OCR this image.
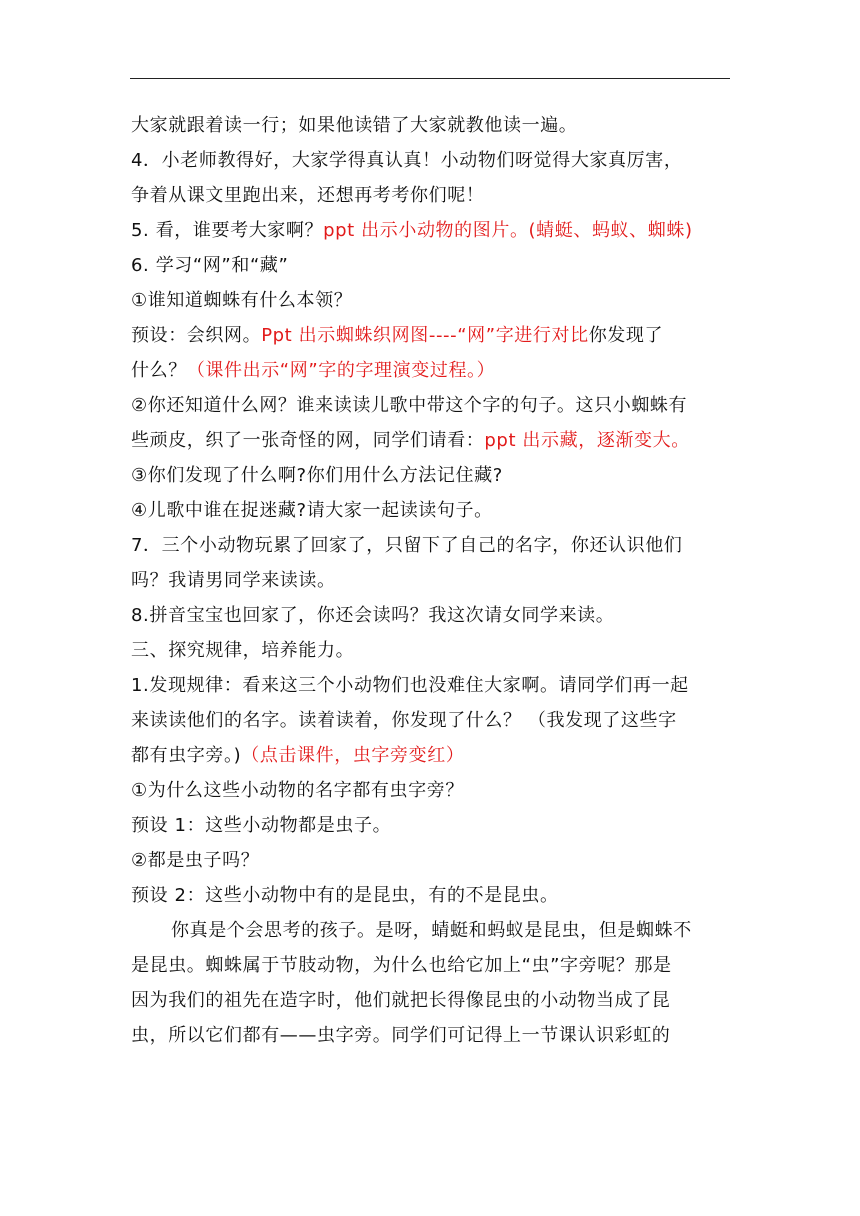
大家就跟着读一行；如果他读错了大家就教他读一遍。
4．小老师教得好，大家学得真认真！小动物们呀觉得大家真厉害，
争着从课文里跑出来，还想再考考你们呢！
5. 看，谁要考大家啊？ppt 出示小动物的图片。(蜻蜓、蚂蚁、蜘蛛)
6. 学习“网”和“藏”
①谁知道蜘蛛有什么本领？
预设：会织网。Ppt 出示蜘蛛织网图----“网”字进行对比你发现了
什么？（课件出示“网”字的字理演变过程。）
②你还知道什么网？谁来读读儿歌中带这个字的句子。这只小蜘蛛有
些顽皮，织了一张奇怪的网，同学们请看：ppt 出示藏，逐渐变大。
③你们发现了什么啊?你们用什么方法记住藏?
④儿歌中谁在捉迷藏?请大家一起读读句子。
7．三个小动物玩累了回家了，只留下了自己的名字，你还认识他们
吗？我请男同学来读读。
8.拼音宝宝也回家了，你还会读吗？我这次请女同学来读。
三、探究规律，培养能力。
1.发现规律：看来这三个小动物们也没难住大家啊。请同学们再一起
来读读他们的名字。读着读着，你发现了什么？ （我发现了这些字
都有虫字旁。)（点击课件，虫字旁变红）
①为什么这些小动物的名字都有虫字旁？
预设 1：这些小动物都是虫子。
②都是虫子吗？
预设 2：这些小动物中有的是昆虫，有的不是昆虫。
你真是个会思考的孩子。是呀，蜻蜓和蚂蚁是昆虫，但是蜘蛛不
是昆虫。蜘蛛属于节肢动物，为什么也给它加上“虫”字旁呢？那是
因为我们的祖先在造字时，他们就把长得像昆虫的小动物当成了昆
虫，所以它们都有——虫字旁。同学们可记得上一节课认识彩虹的
